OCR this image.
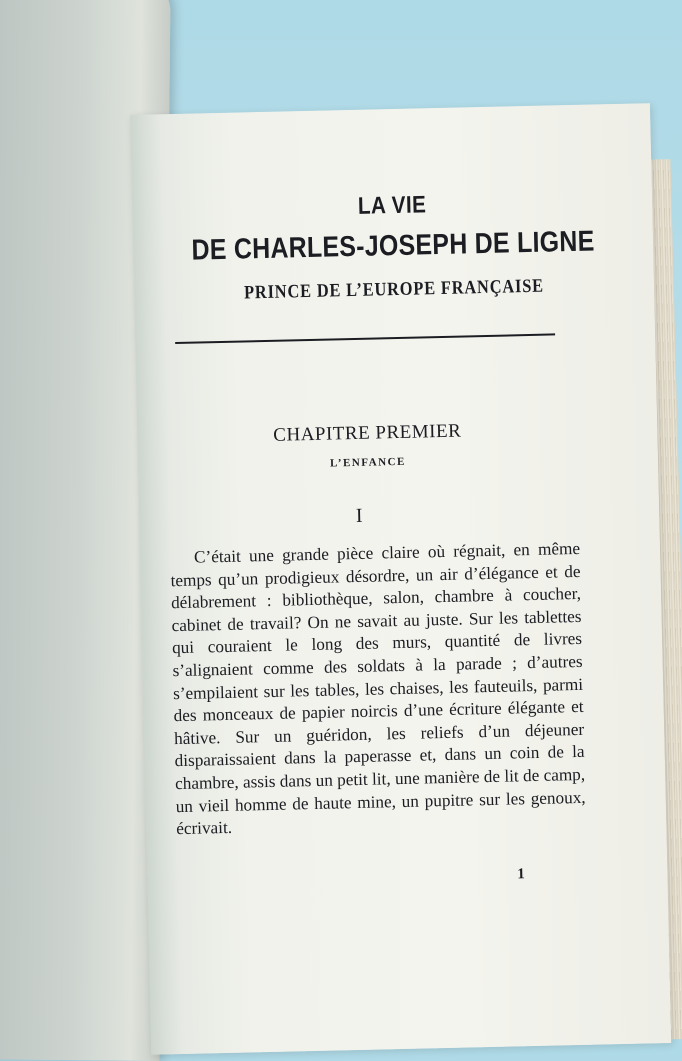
LA VIE
DE CHARLES-JOSEPH DE LIGNE
PRINCE DE L’EUROPE FRANÇAISE
CHAPITRE PREMIER
L’ENFANCE
I

C’était une grande pièce claire où régnait, en même temps qu’un prodigieux désordre, un air d’élégance et de délabrement : bibliothèque, salon, chambre à coucher, cabinet de travail? On ne savait au juste. Sur les tablettes qui couraient le long des murs, quantité de livres s’alignaient comme des soldats à la parade ; d’autres s’empilaient sur les tables, les chaises, les fauteuils, parmi des monceaux de papier noircis d’une écriture élégante et hâtive. Sur un guéridon, les reliefs d’un déjeuner disparaissaient dans la paperasse et, dans un coin de la chambre, assis dans un petit lit, une manière de lit de camp, un vieil homme de haute mine, un pupitre sur les genoux, écrivait.

1
